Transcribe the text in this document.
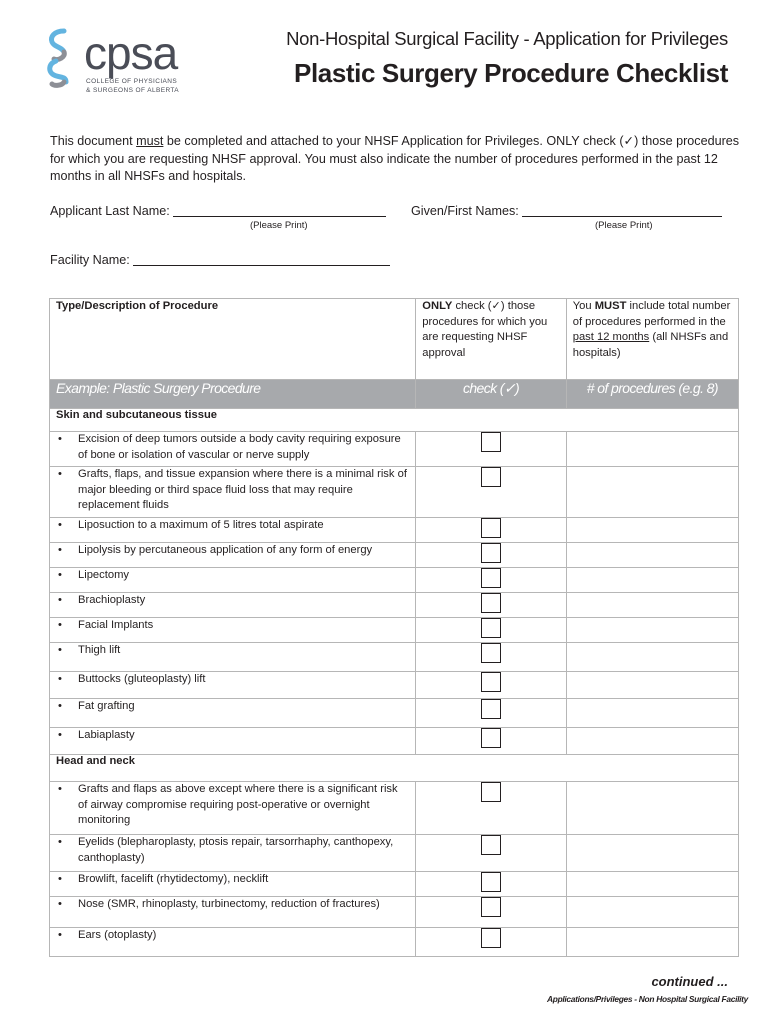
cpsa
COLLEGE OF PHYSICIANS
& SURGEONS OF ALBERTA
Non-Hospital Surgical Facility - Application for Privileges
Plastic Surgery Procedure Checklist
This document must be completed and attached to your NHSF Application for Privileges. ONLY check (✓) those procedures for which you are requesting NHSF approval. You must also indicate the number of procedures performed in the past 12 months in all NHSFs and hospitals.
Applicant Last Name:
(Please Print)
Given/First Names:
(Please Print)
Facility Name:
Type/Description of Procedure	ONLY check (✓) those procedures for which you are requesting NHSF approval	You MUST include total number of procedures performed in the past 12 months (all NHSFs and hospitals)
Example: Plastic Surgery Procedure	check (✓)	# of procedures (e.g. 8)
Skin and subcutaneous tissue		

• Excision of deep tumors outside a body cavity requiring exposure of bone or isolation of vascular or nerve supply		

• Grafts, flaps, and tissue expansion where there is a minimal risk of major bleeding or third space fluid loss that may require replacement fluids		

• Liposuction to a maximum of 5 litres total aspirate		

• Lipolysis by percutaneous application of any form of energy		

• Lipectomy		

• Brachioplasty		

• Facial Implants		

• Thigh lift		

• Buttocks (gluteoplasty) lift		

• Fat grafting		

• Labiaplasty		
Head and neck		

• Grafts and flaps as above except where there is a significant risk of airway compromise requiring post-operative or overnight monitoring		

• Eyelids (blepharoplasty, ptosis repair, tarsorrhaphy, canthopexy, canthoplasty)		

• Browlift, facelift (rhytidectomy), necklift		

• Nose (SMR, rhinoplasty, turbinectomy, reduction of fractures)		

• Ears (otoplasty)		
continued ...
Applications/Privileges - Non Hospital Surgical Facility
